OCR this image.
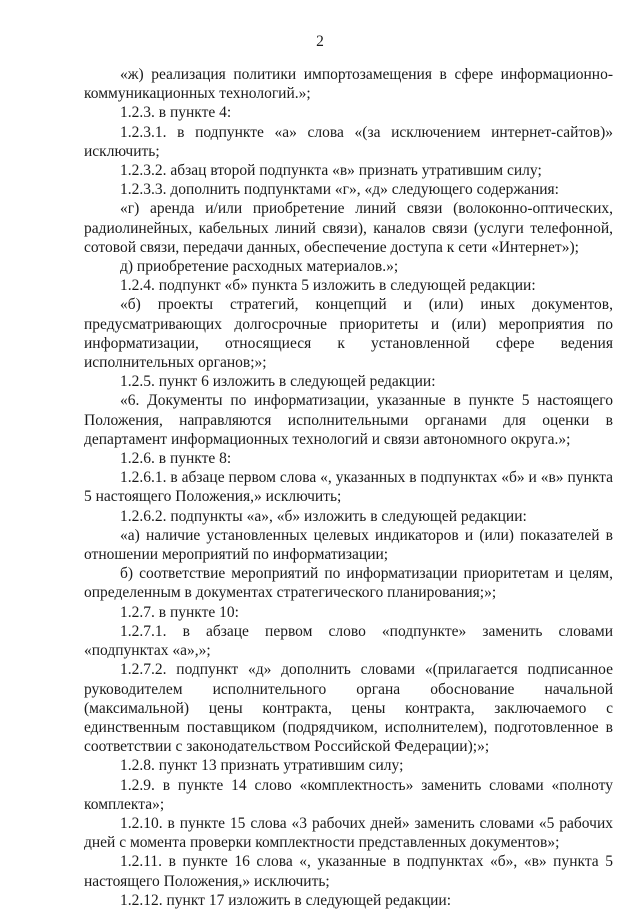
2

«ж) реализация политики импортозамещения в сфере информационно-коммуникационных технологий.»;

1.2.3. в пункте 4:

1.2.3.1. в подпункте «а» слова «(за исключением интернет-сайтов)» исключить;

1.2.3.2. абзац второй подпункта «в» признать утратившим силу;

1.2.3.3. дополнить подпунктами «г», «д» следующего содержания:

«г) аренда и/или приобретение линий связи (волоконно-оптических, радиолинейных, кабельных линий связи), каналов связи (услуги телефонной, сотовой связи, передачи данных, обеспечение доступа к сети «Интернет»);

д) приобретение расходных материалов.»;

1.2.4. подпункт «б» пункта 5 изложить в следующей редакции:

«б) проекты стратегий, концепций и (или) иных документов, предусматривающих долгосрочные приоритеты и (или) мероприятия по информатизации, относящиеся к установленной сфере ведения исполнительных органов;»;

1.2.5. пункт 6 изложить в следующей редакции:

«6. Документы по информатизации, указанные в пункте 5 настоящего Положения, направляются исполнительными органами для оценки в департамент информационных технологий и связи автономного округа.»;

1.2.6. в пункте 8:

1.2.6.1. в абзаце первом слова «, указанных в подпунктах «б» и «в» пункта 5 настоящего Положения,» исключить;

1.2.6.2. подпункты «а», «б» изложить в следующей редакции:

«а) наличие установленных целевых индикаторов и (или) показателей в отношении мероприятий по информатизации;

б) соответствие мероприятий по информатизации приоритетам и целям, определенным в документах стратегического планирования;»;

1.2.7. в пункте 10:

1.2.7.1. в абзаце первом слово «подпункте» заменить словами «подпунктах «а»,»;

1.2.7.2. подпункт «д» дополнить словами «(прилагается подписанное руководителем исполнительного органа обоснование начальной (максимальной) цены контракта, цены контракта, заключаемого с единственным поставщиком (подрядчиком, исполнителем), подготовленное в соответствии с законодательством Российской Федерации);»;

1.2.8. пункт 13 признать утратившим силу;

1.2.9. в пункте 14 слово «комплектность» заменить словами «полноту комплекта»;

1.2.10. в пункте 15 слова «3 рабочих дней» заменить словами «5 рабочих дней с момента проверки комплектности представленных документов»;

1.2.11. в пункте 16 слова «, указанные в подпунктах «б», «в» пункта 5 настоящего Положения,» исключить;

1.2.12. пункт 17 изложить в следующей редакции:
